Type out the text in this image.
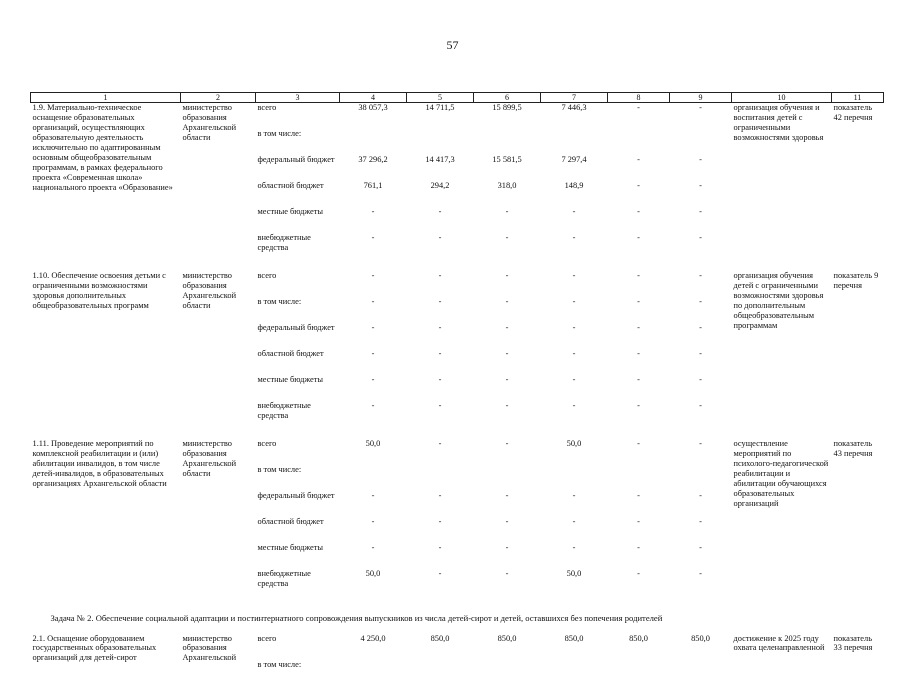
57
1	2	3	4	5	6	7	8	9	10	11
1.9. Материально-техническое оснащение образовательных организаций, осуществляющих образовательную деятельность исключительно по адаптированным основным общеобразовательным программам, в рамках федерального проекта «Современная школа» национального проекта «Образование»	министерство образования Архангельской области	всего	38 057,3	14 711,5	15 899,5	7 446,3	-	-	организация обучения и воспитания детей с ограниченными возможностями здоровья	показатель 42 перечня
		в том числе:								
		федеральный бюджет	37 296,2	14 417,3	15 581,5	7 297,4	-	-		
		областной бюджет	761,1	294,2	318,0	148,9	-	-		
		местные бюджеты	-	-	-	-	-	-		
		внебюджетные средства	-	-	-	-	-	-		

1.10. Обеспечение освоения детьми с ограниченными возможностями здоровья дополнительных общеобразовательных программ	министерство образования Архангельской области	всего	-	-	-	-	-	-	организация обучения детей с ограниченными возможностями здоровья по дополнительным общеобразовательным программам	показатель 9 перечня
		в том числе:	-	-	-	-	-	-		
		федеральный бюджет	-	-	-	-	-	-		
		областной бюджет	-	-	-	-	-	-		
		местные бюджеты	-	-	-	-	-	-		
		внебюджетные средства	-	-	-	-	-	-		

1.11. Проведение мероприятий по комплексной реабилитации и (или) абилитации инвалидов, в том числе детей-инвалидов, в образовательных организациях Архангельской области	министерство образования Архангельской области	всего	50,0	-	-	50,0	-	-	осуществление мероприятий по психолого-педагогической реабилитации и абилитации обучающихся образовательных организаций	показатель 43 перечня
		в том числе:								
		федеральный бюджет	-	-	-	-	-	-		
		областной бюджет	-	-	-	-	-	-		
		местные бюджеты	-	-	-	-	-	-		
		внебюджетные средства	50,0	-	-	50,0	-	-		

Задача № 2. Обеспечение социальной адаптации и постинтернатного сопровождения выпускников из числа детей-сирот и детей, оставшихся без попечения родителей										
2.1. Оснащение оборудованием государственных образовательных организаций для детей-сирот	министерство образования Архангельской	всего	4 250,0	850,0	850,0	850,0	850,0	850,0	достижение к 2025 году охвата целенаправленной	показатель 33 перечня
		в том числе:								
